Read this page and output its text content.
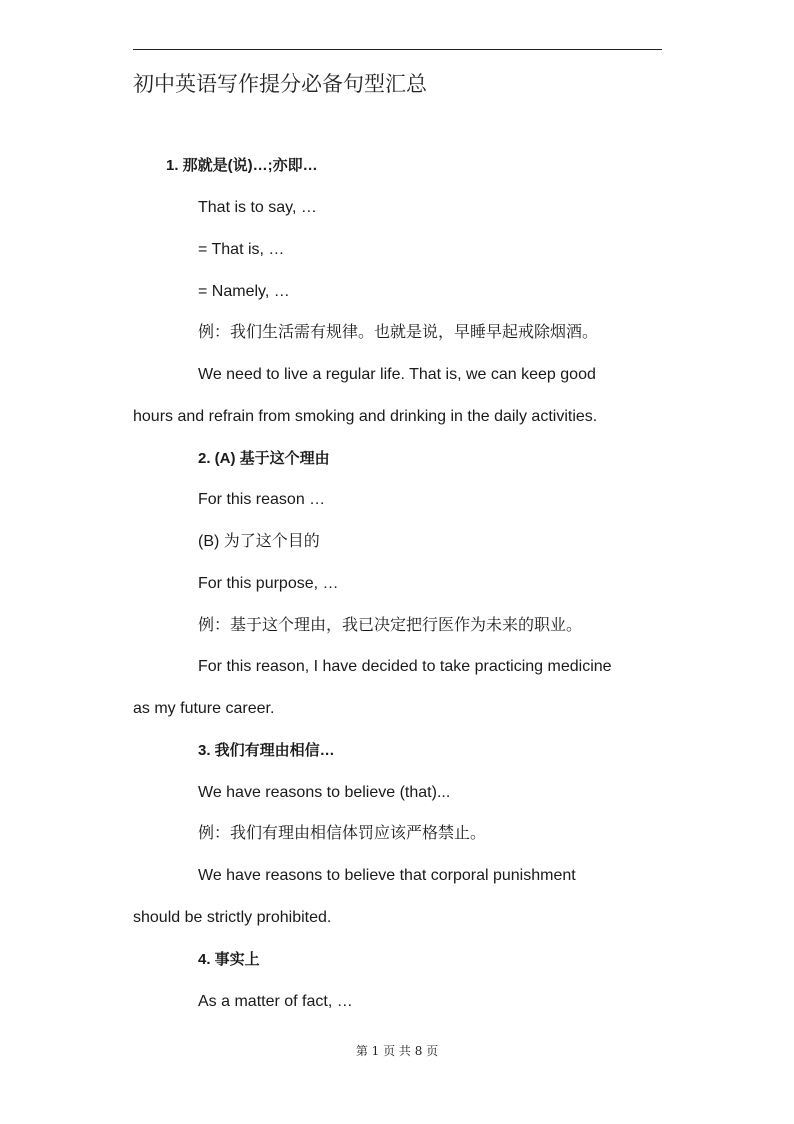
初中英语写作提分必备句型汇总
1. 那就是(说)…;亦即…
That is to say, …
= That is, …
= Namely, …
例：我们生活需有规律。也就是说，早睡早起戒除烟酒。
We need to live a regular life. That is, we can keep good
hours and refrain from smoking and drinking in the daily activities.
2. (A) 基于这个理由
For this reason …
(B) 为了这个目的
For this purpose, …
例：基于这个理由，我已决定把行医作为未来的职业。
For this reason, I have decided to take practicing medicine
as my future career.
3. 我们有理由相信…
We have reasons to believe (that)...
例：我们有理由相信体罚应该严格禁止。
We have reasons to believe that corporal punishment
should be strictly prohibited.
4. 事实上
As a matter of fact, …
第 1 页 共 8 页
